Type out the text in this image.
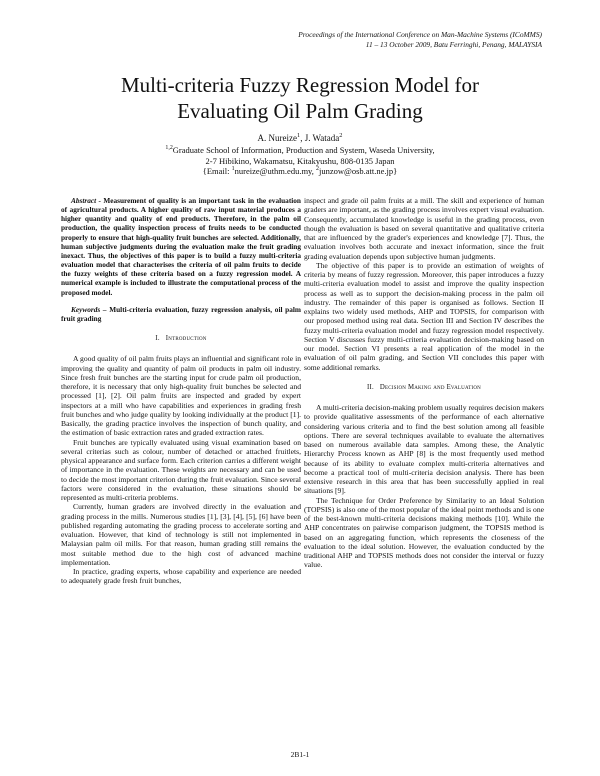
Proceedings of the International Conference on Man-Machine Systems (ICoMMS)
11 – 13 October 2009, Batu Ferringhi, Penang, MALAYSIA
Multi-criteria Fuzzy Regression Model for
Evaluating Oil Palm Grading
A. Nureize$^1$, J. Watada$^2$
$^{1,2}$Graduate School of Information, Production and System, Waseda University,
2-7 Hibikino, Wakamatsu, Kitakyushu, 808-0135 Japan
{Email: $^1$nureize@uthm.edu.my, $^2$junzow@osb.att.ne.jp}

Abstract - Measurement of quality is an important task in the evaluation of agricultural products. A higher quality of raw input material produces a higher quantity and quality of end products. Therefore, in the palm oil production, the quality inspection process of fruits needs to be conducted properly to ensure that high-quality fruit bunches are selected. Additionally, human subjective judgments during the evaluation make the fruit grading inexact. Thus, the objectives of this paper is to build a fuzzy multi-criteria evaluation model that characterises the criteria of oil palm fruits to decide the fuzzy weights of these criteria based on a fuzzy regression model. A numerical example is included to illustrate the computational process of the proposed model.

Keywords – Multi-criteria evaluation, fuzzy regression analysis, oil palm fruit grading

I. Introduction

A good quality of oil palm fruits plays an influential and significant role in improving the quality and quantity of palm oil products in palm oil industry. Since fresh fruit bunches are the starting input for crude palm oil production, therefore, it is necessary that only high-quality fruit bunches be selected and processed [1], [2]. Oil palm fruits are inspected and graded by expert inspectors at a mill who have capabilities and experiences in grading fresh fruit bunches and who judge quality by looking individually at the product [1]. Basically, the grading practice involves the inspection of bunch quality, and the estimation of basic extraction rates and graded extraction rates.

Fruit bunches are typically evaluated using visual examination based on several criterias such as colour, number of detached or attached fruitlets, physical appearance and surface form. Each criterion carries a different weight of importance in the evaluation. These weights are necessary and can be used to decide the most important criterion during the fruit evaluation. Since several factors were considered in the evaluation, these situations should be represented as multi-criteria problems.

Currently, human graders are involved directly in the evaluation and grading process in the mills. Numerous studies [1], [3], [4], [5], [6] have been published regarding automating the grading process to accelerate sorting and evaluation. However, that kind of technology is still not implemented in Malaysian palm oil mills. For that reason, human grading still remains the most suitable method due to the high cost of advanced machine implementation.

In practice, grading experts, whose capability and experience are needed to adequately grade fresh fruit bunches,

inspect and grade oil palm fruits at a mill. The skill and experience of human graders are important, as the grading process involves expert visual evaluation. Consequently, accumulated knowledge is useful in the grading process, even though the evaluation is based on several quantitative and qualitative criteria that are influenced by the grader's experiences and knowledge [7]. Thus, the evaluation involves both accurate and inexact information, since the fruit grading evaluation depends upon subjective human judgments.

The objective of this paper is to provide an estimation of weights of criteria by means of fuzzy regression. Moreover, this paper introduces a fuzzy multi-criteria evaluation model to assist and improve the quality inspection process as well as to support the decision-making process in the palm oil industry. The remainder of this paper is organised as follows. Section II explains two widely used methods, AHP and TOPSIS, for comparison with our proposed method using real data. Section III and Section IV describes the fuzzy multi-criteria evaluation model and fuzzy regression model respectively. Section V discusses fuzzy multi-criteria evaluation decision-making based on our model. Section VI presents a real application of the model in the evaluation of oil palm grading, and Section VII concludes this paper with some additional remarks.

II. Decision Making and Evaluation

A multi-criteria decision-making problem usually requires decision makers to provide qualitative assessments of the performance of each alternative considering various criteria and to find the best solution among all feasible options. There are several techniques available to evaluate the alternatives based on numerous available data samples. Among these, the Analytic Hierarchy Process known as AHP [8] is the most frequently used method because of its ability to evaluate complex multi-criteria alternatives and become a practical tool of multi-criteria decision analysis. There has been extensive research in this area that has been successfully applied in real situations [9].

The Technique for Order Preference by Similarity to an Ideal Solution (TOPSIS) is also one of the most popular of the ideal point methods and is one of the best-known multi-criteria decisions making methods [10]. While the AHP concentrates on pairwise comparison judgment, the TOPSIS method is based on an aggregating function, which represents the closeness of the evaluation to the ideal solution. However, the evaluation conducted by the traditional AHP and TOPSIS methods does not consider the interval or fuzzy value.

2B1-1
